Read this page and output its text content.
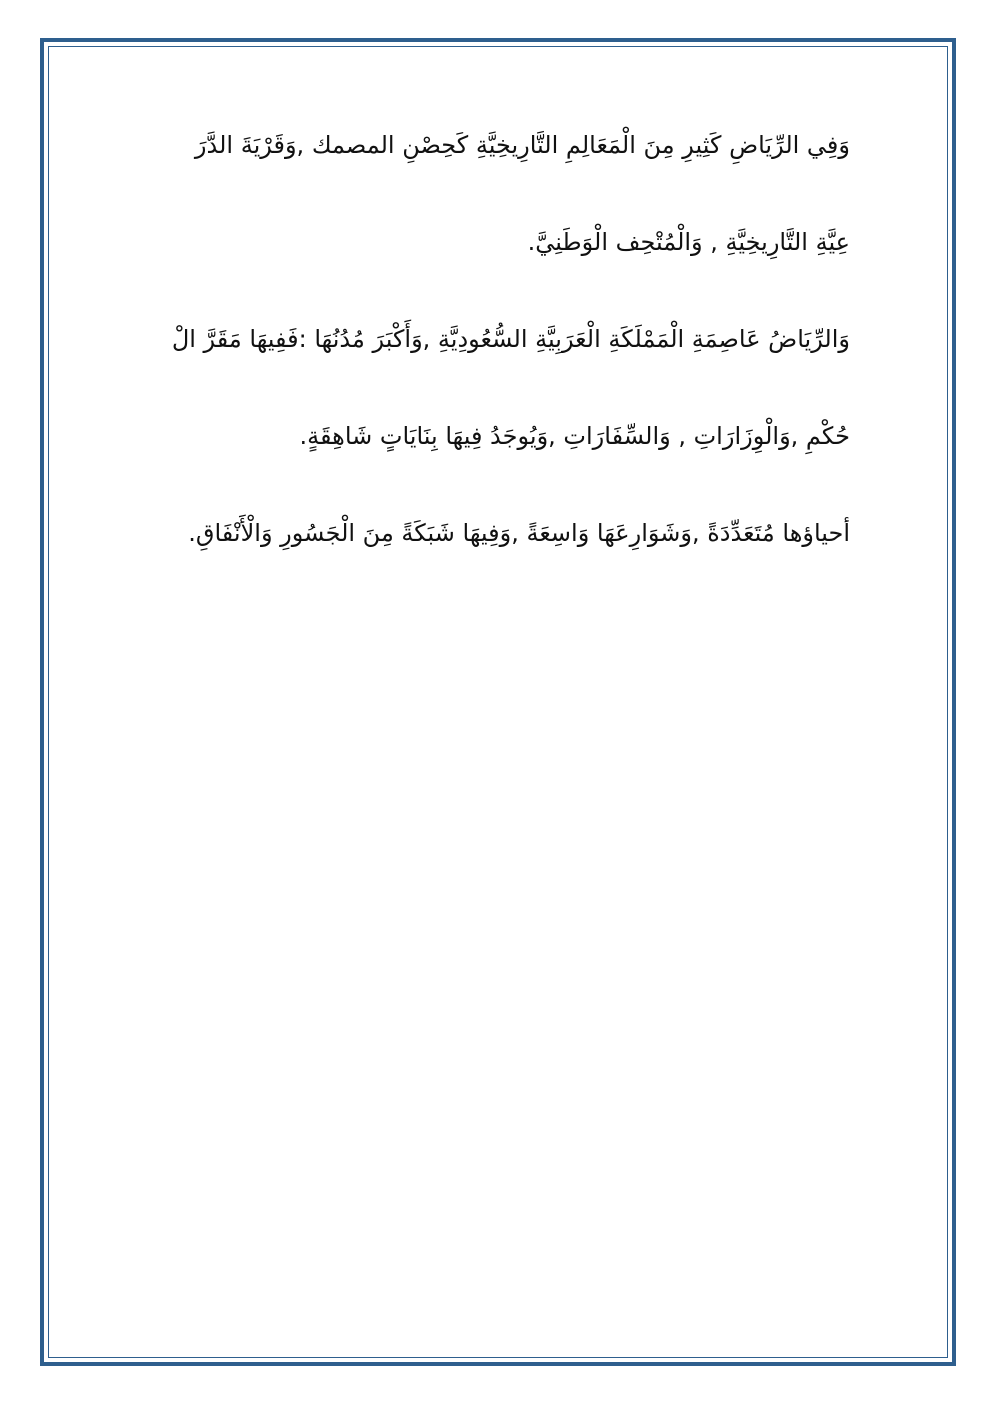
وَفِي الرِّيَاضِ كَثِيرِ مِنَ الْمَعَالِمِ التَّارِيخِيَّةِ كَحِصْنِ المصمك ,وَقَرْيَةَ الدَّرَ
عِيَّةِ التَّارِيخِيَّةِ , وَالْمُتْحِف الْوَطَنِيَّ.
وَالرِّيَاضُ عَاصِمَةِ الْمَمْلَكَةِ الْعَرَبِيَّةِ السُّعُودِيَّةِ ,وَأَكْبَرَ مُدُنُهَا :فَفِيهَا مَقَرَّ الْ
حُكْمِ ,وَالْوِزَارَاتِ , وَالسِّفَارَاتِ ,وَيُوجَدُ فِيهَا بِنَايَاتٍ شَاهِقَةٍ.
أحياؤها مُتَعَدِّدَةً ,وَشَوَارِعَهَا وَاسِعَةً ,وَفِيهَا شَبَكَةً مِنَ الْجَسُورِ وَالْأَنْفَاقِ.
